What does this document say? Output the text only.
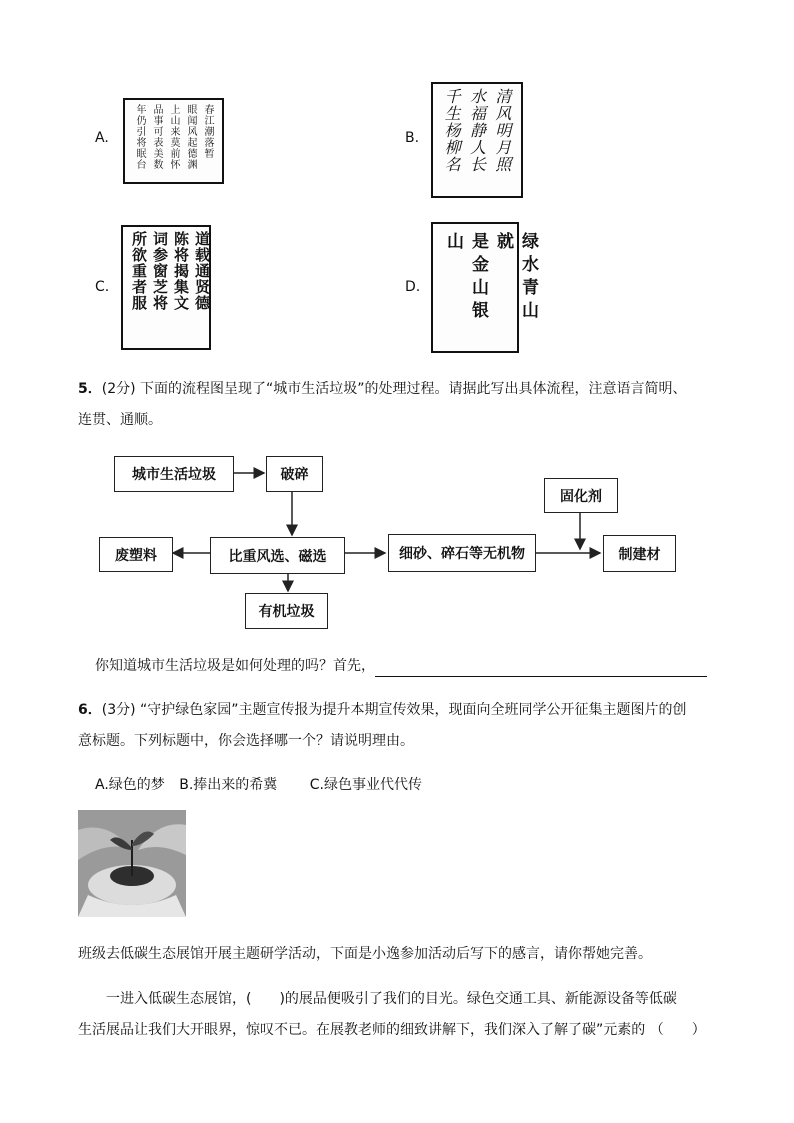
A.	春江潮落暂
眼闻风起德渊
上山来莫前怀
品事可表美数
年仍引将眠台	B.	清风明月照
水福静人长
千生杨柳名
C.	道载通贤德
陈将揭集文
词参窗芝将
所欲重者服	D.	绿水青山就
是金山银山
5．(2分) 下面的流程图呈现了“城市生活垃圾”的处理过程。请据此写出具体流程，注意语言简明、
连贯、通顺。
城市生活垃圾	破碎
比重风选、磁选
废塑料
有机垃圾
细砂、碎石等无机物
固化剂
制建材
你知道城市生活垃圾是如何处理的吗？首先，
6．(3分) “守护绿色家园”主题宣传报为提升本期宣传效果，现面向全班同学公开征集主题图片的创
意标题。下列标题中，你会选择哪一个？请说明理由。
A.绿色的梦 B.捧出来的希冀 C.绿色事业代代传
班级去低碳生态展馆开展主题研学活动，下面是小逸参加活动后写下的感言，请你帮她完善。
一进入低碳生态展馆，(　　)的展品便吸引了我们的目光。绿色交通工具、新能源设备等低碳
生活展品让我们大开眼界，惊叹不已。在展教老师的细致讲解下，我们深入了解了碳”元素的 （　　）
